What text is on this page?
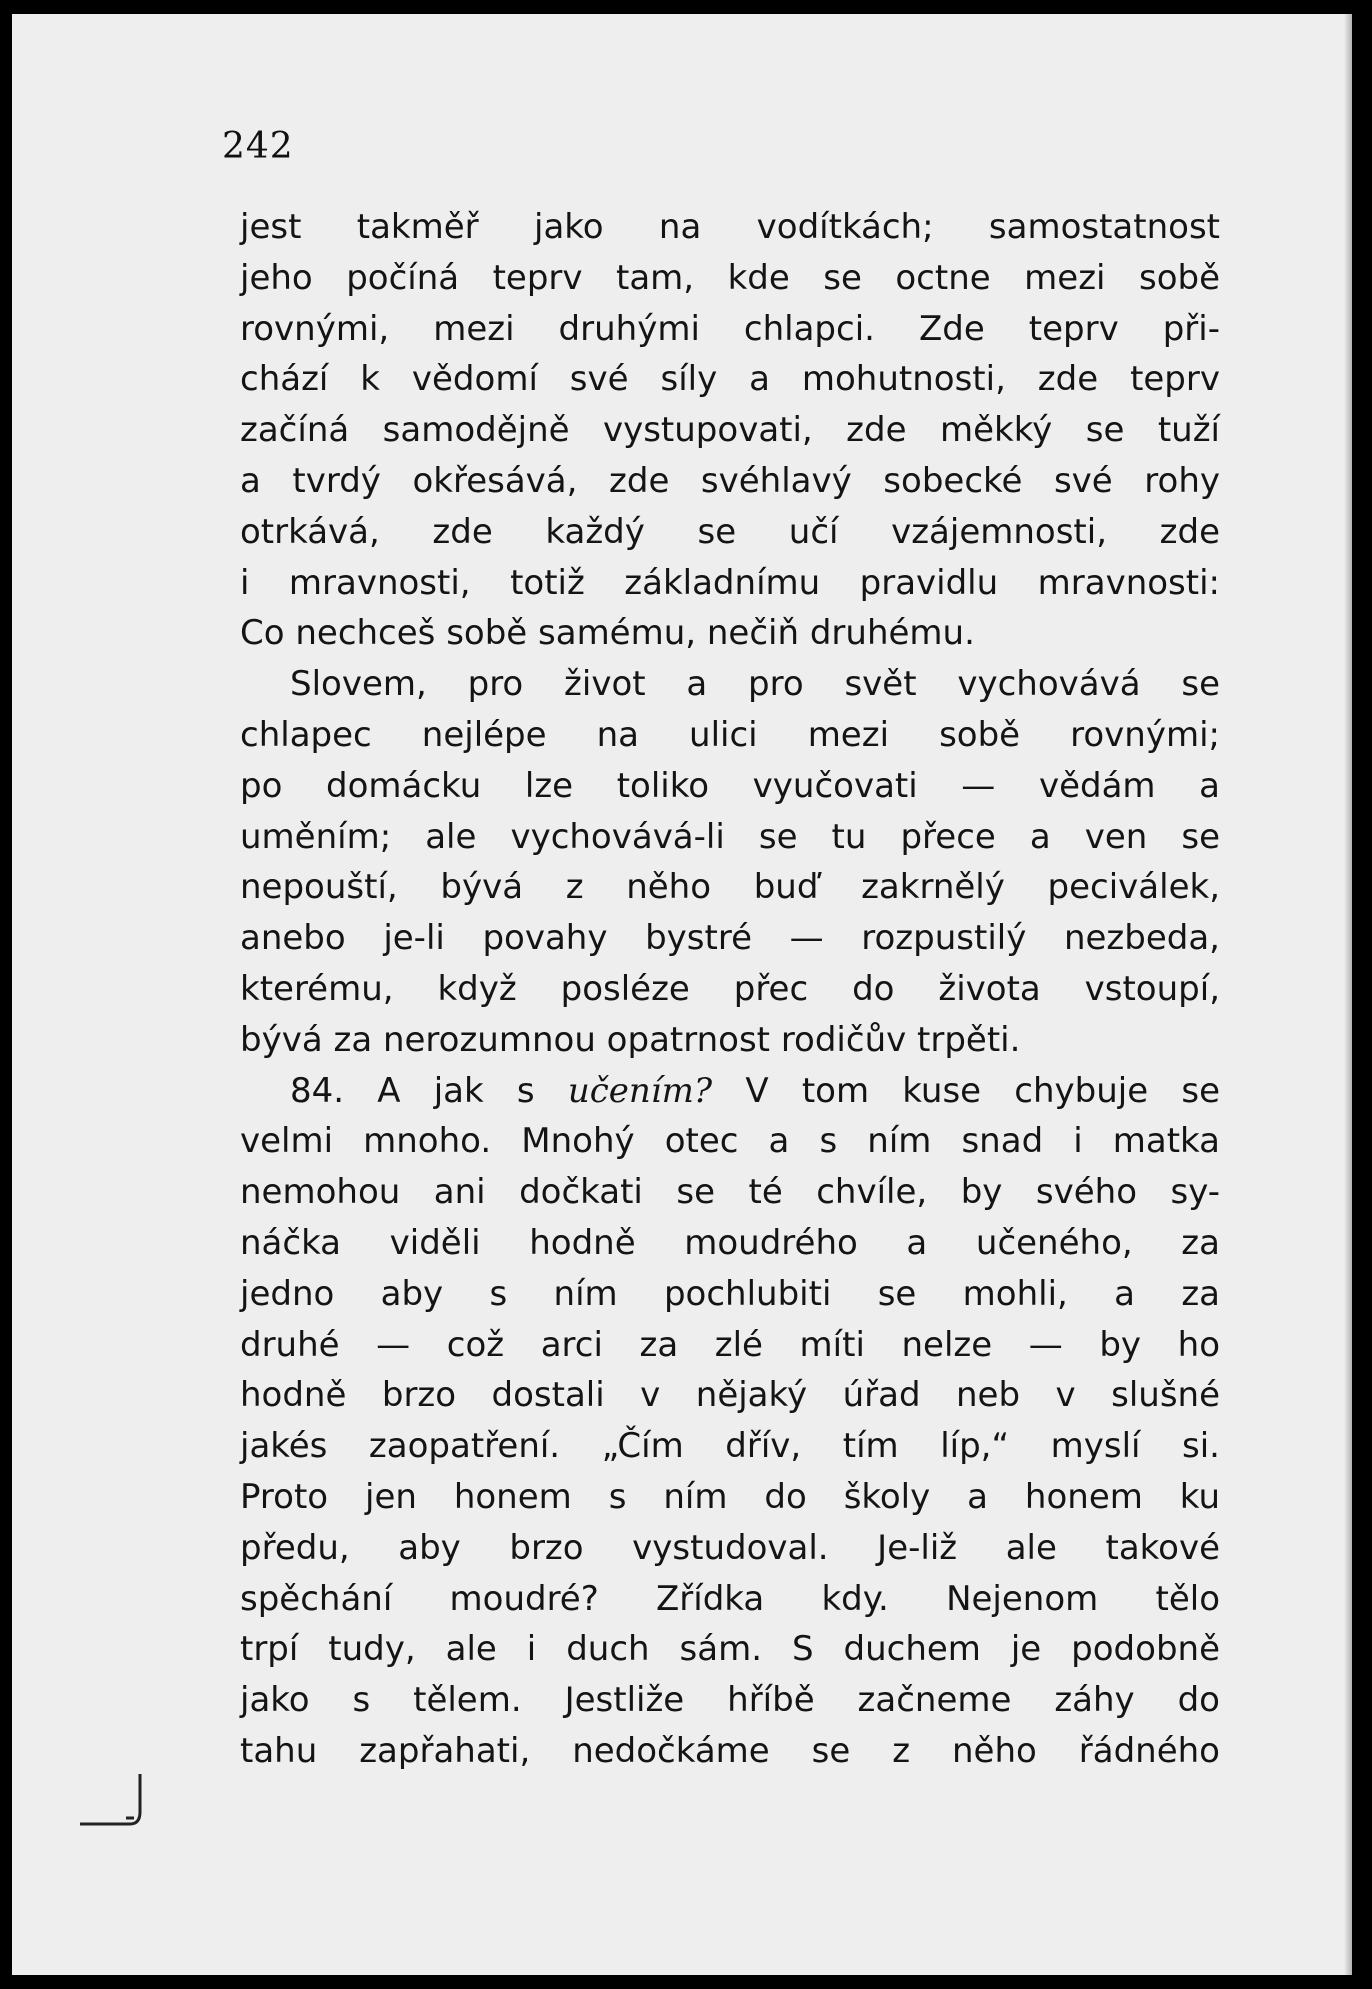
242
jest takměř jako na vodítkách; samostatnost
jeho počíná teprv tam, kde se octne mezi sobě
rovnými, mezi druhými chlapci. Zde teprv při-
chází k vědomí své síly a mohutnosti, zde teprv
začíná samodějně vystupovati, zde měkký se tuží
a tvrdý okřesává, zde svéhlavý sobecké své rohy
otrkává, zde každý se učí vzájemnosti, zde
i mravnosti, totiž základnímu pravidlu mravnosti:
Co nechceš sobě samému, nečiň druhému.
Slovem, pro život a pro svět vychovává se
chlapec nejlépe na ulici mezi sobě rovnými;
po domácku lze toliko vyučovati — vědám a
uměním; ale vychovává-li se tu přece a ven se
nepouští, bývá z něho buď zakrnělý peciválek,
anebo je-li povahy bystré — rozpustilý nezbeda,
kterému, když posléze přec do života vstoupí,
bývá za nerozumnou opatrnost rodičův trpěti.
84. A jak s učením? V tom kuse chybuje se
velmi mnoho. Mnohý otec a s ním snad i matka
nemohou ani dočkati se té chvíle, by svého sy-
náčka viděli hodně moudrého a učeného, za
jedno aby s ním pochlubiti se mohli, a za
druhé — což arci za zlé míti nelze — by ho
hodně brzo dostali v nějaký úřad neb v slušné
jakés zaopatření. „Čím dřív, tím líp,“ myslí si.
Proto jen honem s ním do školy a honem ku
předu, aby brzo vystudoval. Je-liž ale takové
spěchání moudré? Zřídka kdy. Nejenom tělo
trpí tudy, ale i duch sám. S duchem je podobně
jako s tělem. Jestliže hříbě začneme záhy do
tahu zapřahati, nedočkáme se z něho řádného
